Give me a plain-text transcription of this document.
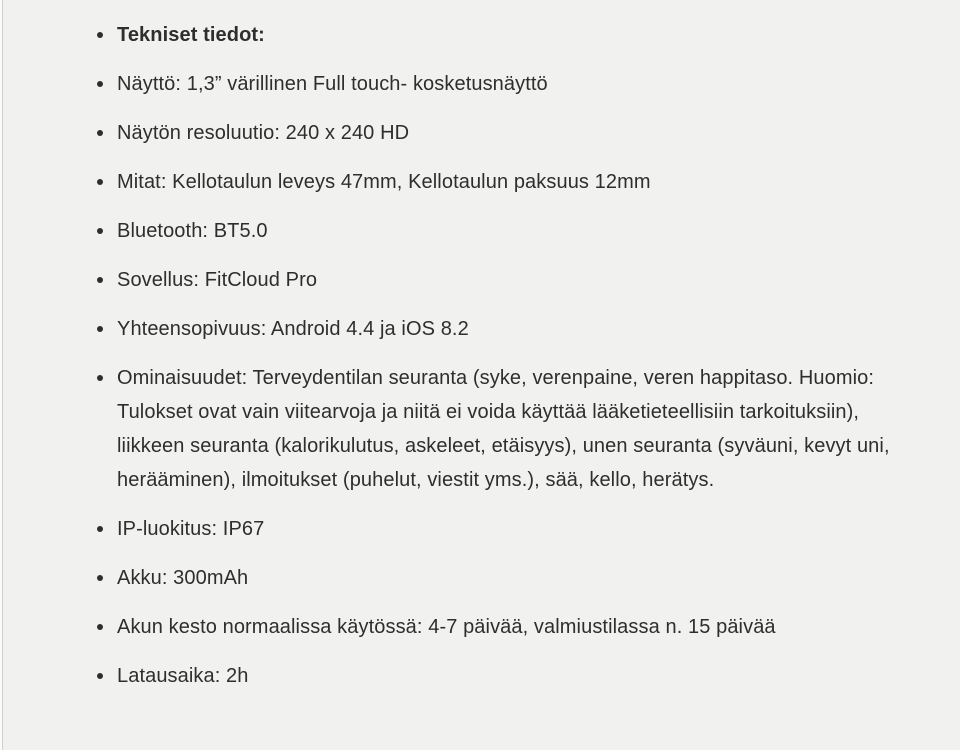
Tekniset tiedot:
Näyttö: 1,3” värillinen Full touch- kosketusnäyttö
Näytön resoluutio: 240 x 240 HD
Mitat: Kellotaulun leveys 47mm, Kellotaulun paksuus 12mm
Bluetooth: BT5.0
Sovellus: FitCloud Pro
Yhteensopivuus: Android 4.4 ja iOS 8.2
Ominaisuudet: Terveydentilan seuranta (syke, verenpaine, veren happitaso. Huomio: Tulokset ovat vain viitearvoja ja niitä ei voida käyttää lääketieteellisiin tarkoituksiin), liikkeen seuranta (kalorikulutus, askeleet, etäisyys), unen seuranta (syväuni, kevyt uni, herääminen), ilmoitukset (puhelut, viestit yms.), sää, kello, herätys.
IP-luokitus: IP67
Akku: 300mAh
Akun kesto normaalissa käytössä: 4-7 päivää, valmiustilassa n. 15 päivää
Latausaika: 2h
